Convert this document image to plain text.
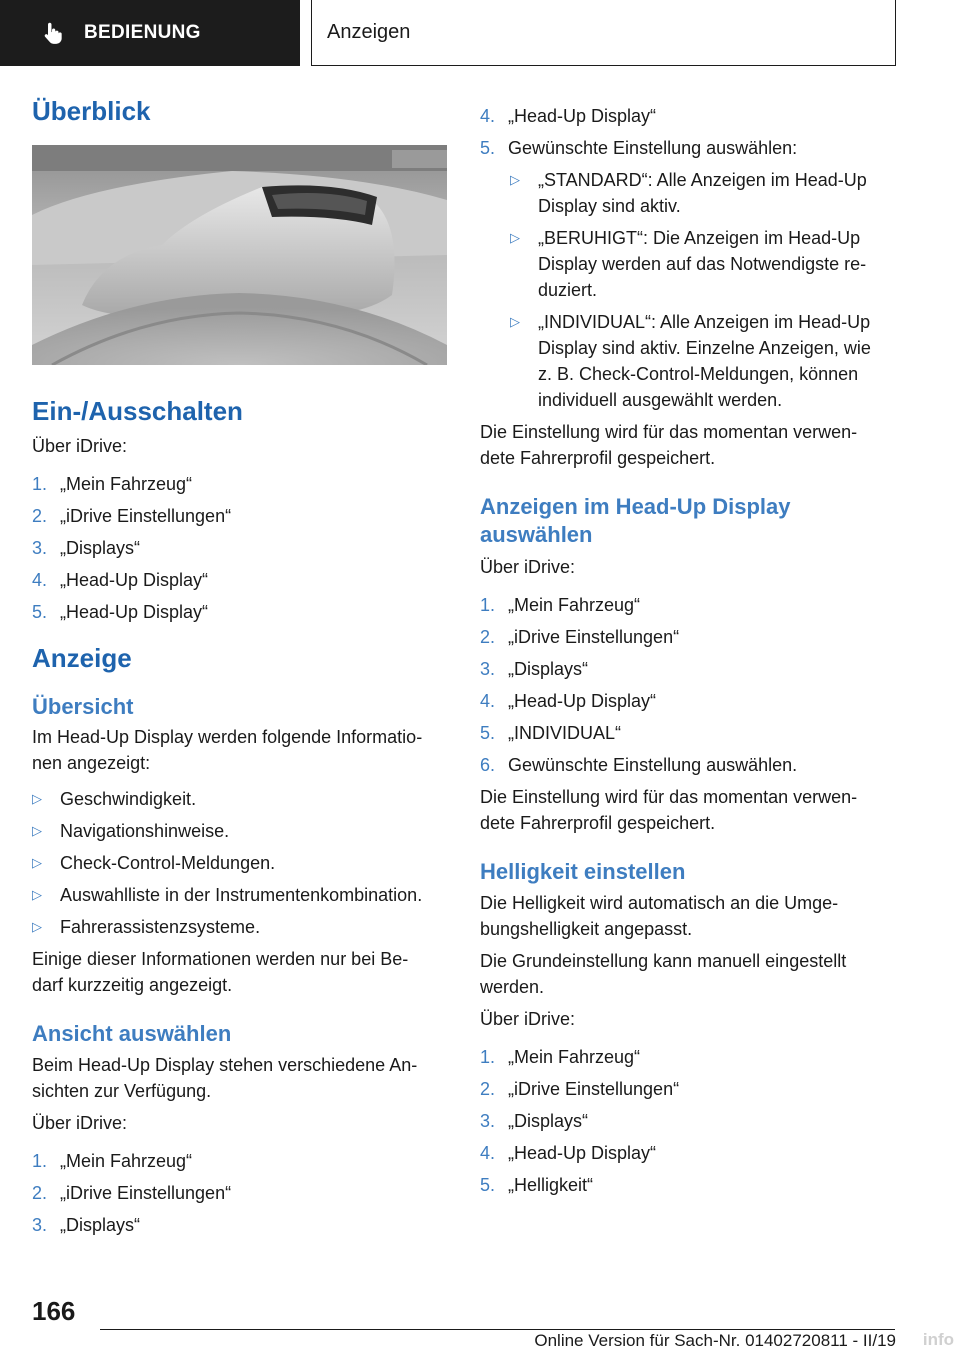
BEDIENUNG	Anzeigen
Überblick
Ein-/Ausschalten

Über iDrive:

1. „Mein Fahrzeug“
2. „iDrive Einstellungen“
3. „Displays“
4. „Head-Up Display“
5. „Head-Up Display“
Anzeige
Übersicht

Im Head-Up Display werden folgende Informatio-
nen angezeigt:

▷	Geschwindigkeit.
▷	Navigationshinweise.
▷	Check-Control-Meldungen.
▷	Auswahlliste in der Instrumentenkombination.
▷	Fahrerassistenzsysteme.

Einige dieser Informationen werden nur bei Be-
darf kurzzeitig angezeigt.

Ansicht auswählen

Beim Head-Up Display stehen verschiedene An-
sichten zur Verfügung.

Über iDrive:

1. „Mein Fahrzeug“
2. „iDrive Einstellungen“
3. „Displays“
4. „Head-Up Display“
5. Gewünschte Einstellung auswählen:
▷	„STANDARD“: Alle Anzeigen im Head-Up
Display sind aktiv.
▷	„BERUHIGT“: Die Anzeigen im Head-Up
Display werden auf das Notwendigste re-
duziert.
▷	„INDIVIDUAL“: Alle Anzeigen im Head-Up
Display sind aktiv. Einzelne Anzeigen, wie
z. B. Check-Control-Meldungen, können
individuell ausgewählt werden.

Die Einstellung wird für das momentan verwen-
dete Fahrerprofil gespeichert.

Anzeigen im Head-Up Display
auswählen

Über iDrive:

1. „Mein Fahrzeug“
2. „iDrive Einstellungen“
3. „Displays“
4. „Head-Up Display“
5. „INDIVIDUAL“
6. Gewünschte Einstellung auswählen.

Die Einstellung wird für das momentan verwen-
dete Fahrerprofil gespeichert.

Helligkeit einstellen

Die Helligkeit wird automatisch an die Umge-
bungshelligkeit angepasst.

Die Grundeinstellung kann manuell eingestellt
werden.

Über iDrive:

1. „Mein Fahrzeug“
2. „iDrive Einstellungen“
3. „Displays“
4. „Head-Up Display“
5. „Helligkeit“
166
Online Version für Sach-Nr. 01402720811 - II/19 info
